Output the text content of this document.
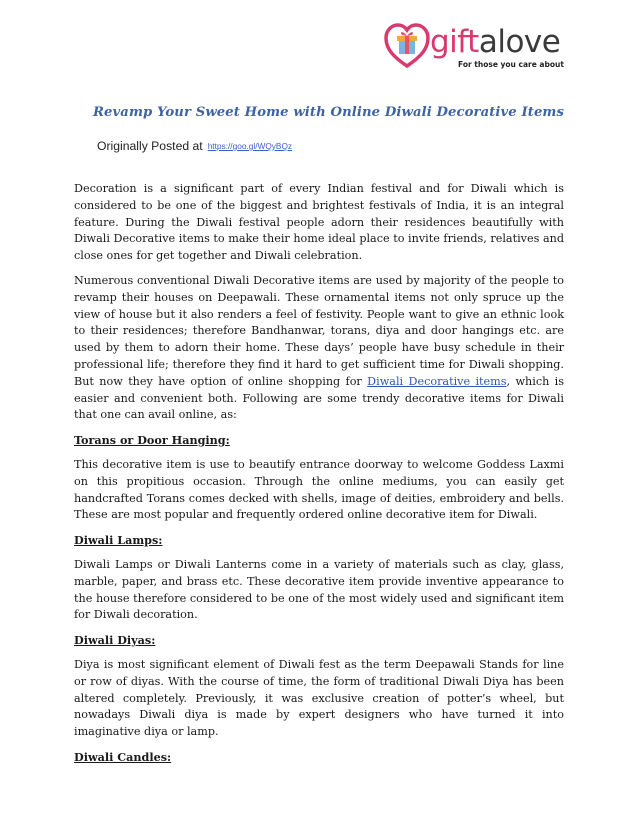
giftalove
For those you care about
Revamp Your Sweet Home with Online Diwali Decorative Items
Originally Posted at https://goo.gl/WQyBQz

Decoration is a significant part of every Indian festival and for Diwali which is considered to be one of the biggest and brightest festivals of India, it is an integral feature. During the Diwali festival people adorn their residences beautifully with Diwali Decorative items to make their home ideal place to invite friends, relatives and close ones for get together and Diwali celebration.

Numerous conventional Diwali Decorative items are used by majority of the people to revamp their houses on Deepawali. These ornamental items not only spruce up the view of house but it also renders a feel of festivity. People want to give an ethnic look to their residences; therefore Bandhanwar, torans, diya and door hangings etc. are used by them to adorn their home. These days’ people have busy schedule in their professional life; therefore they find it hard to get sufficient time for Diwali shopping. But now they have option of online shopping for Diwali Decorative items, which is easier and convenient both. Following are some trendy decorative items for Diwali that one can avail online, as:

Torans or Door Hanging:

This decorative item is use to beautify entrance doorway to welcome Goddess Laxmi on this propitious occasion. Through the online mediums, you can easily get handcrafted Torans comes decked with shells, image of deities, embroidery and bells. These are most popular and frequently ordered online decorative item for Diwali.

Diwali Lamps:

Diwali Lamps or Diwali Lanterns come in a variety of materials such as clay, glass, marble, paper, and brass etc. These decorative item provide inventive appearance to the house therefore considered to be one of the most widely used and significant item for Diwali decoration.

Diwali Diyas:

Diya is most significant element of Diwali fest as the term Deepawali Stands for line or row of diyas. With the course of time, the form of traditional Diwali Diya has been altered completely. Previously, it was exclusive creation of potter’s wheel, but nowadays Diwali diya is made by expert designers who have turned it into imaginative diya or lamp.

Diwali Candles:
